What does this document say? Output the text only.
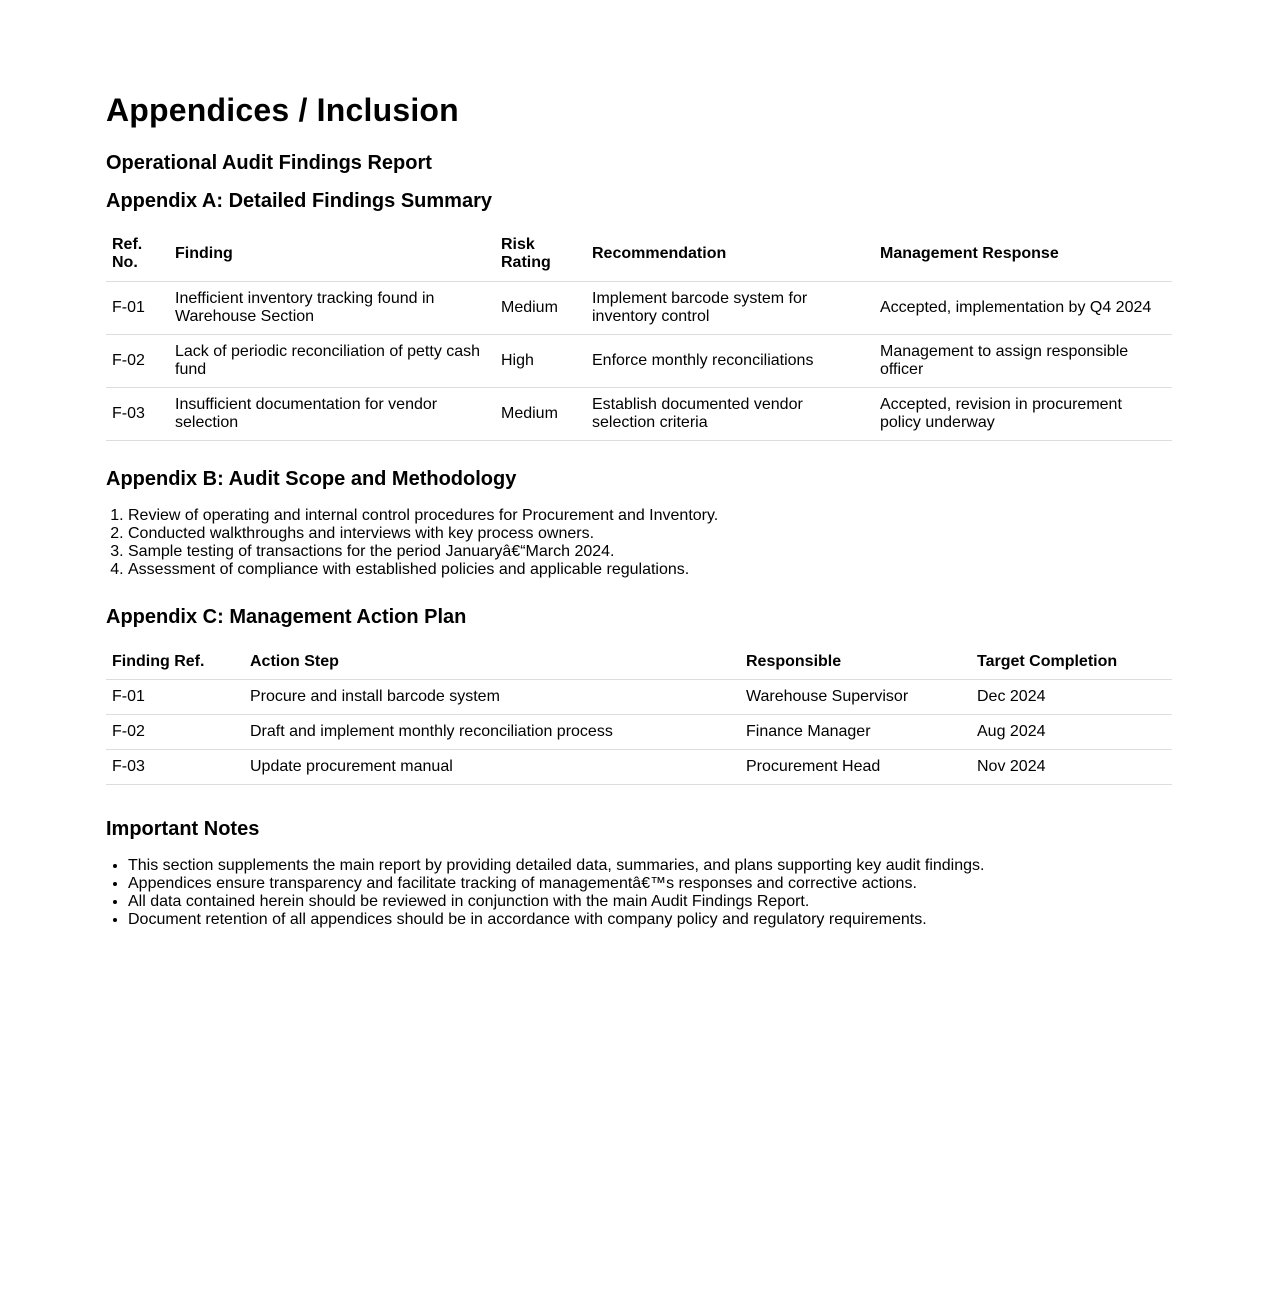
Appendices / Inclusion
Operational Audit Findings Report
Appendix A: Detailed Findings Summary
Ref. No.	Finding	Risk Rating	Recommendation	Management Response
F-01	Inefficient inventory tracking found in Warehouse Section	Medium	Implement barcode system for inventory control	Accepted, implementation by Q4 2024
F-02	Lack of periodic reconciliation of petty cash fund	High	Enforce monthly reconciliations	Management to assign responsible officer
F-03	Insufficient documentation for vendor selection	Medium	Establish documented vendor selection criteria	Accepted, revision in procurement policy underway
Appendix B: Audit Scope and Methodology
1. Review of operating and internal control procedures for Procurement and Inventory.
2. Conducted walkthroughs and interviews with key process owners.
3. Sample testing of transactions for the period Januaryâ€“March 2024.
4. Assessment of compliance with established policies and applicable regulations.
Appendix C: Management Action Plan
Finding Ref.	Action Step	Responsible	Target Completion
F-01	Procure and install barcode system	Warehouse Supervisor	Dec 2024
F-02	Draft and implement monthly reconciliation process	Finance Manager	Aug 2024
F-03	Update procurement manual	Procurement Head	Nov 2024
Important Notes
• This section supplements the main report by providing detailed data, summaries, and plans supporting key audit findings.
• Appendices ensure transparency and facilitate tracking of managementâ€™s responses and corrective actions.
• All data contained herein should be reviewed in conjunction with the main Audit Findings Report.
• Document retention of all appendices should be in accordance with company policy and regulatory requirements.
